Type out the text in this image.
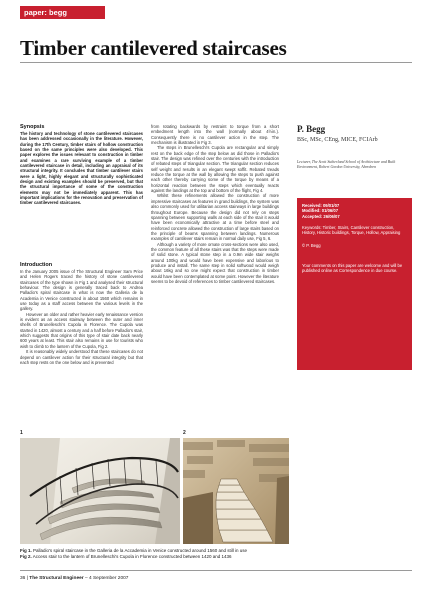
paper: begg
Timber cantilevered staircases
Synopsis
The history and technology of stone cantilevered staircases has been addressed occasionally in the literature. However, during the 17th Century, timber stairs of hollow construction based on the same principles were also developed. This paper explores the issues relevant to construction in timber and examines a rare surviving example of a timber cantilevered staircase in detail, including an appraisal of its structural integrity. It concludes that timber cantilever stairs were a light, highly elegant and structurally sophisticated design and existing examples should be preserved, but that the structural importance of some of the construction elements may not be immediately apparent. This has important implications for the renovation and preservation of timber cantilevered staircases.
Introduction

In the January 2005 issue of The Structural Engineer Sam Price and Helen Rogers traced the history of stone cantilevered staircases of the type shown in Fig 1 and analysed their structural behaviour. The design is generally traced back to Andrea Palladio's spiral staircase in what is now the Galleria de la Academia in Venice constructed in about 1560 which remains in use today as a staff access between the various levels in the gallery.

However an older and rather heavier early renaissance version is evident as an access stairway between the outer and inner shells of Brunelleschi's Cupola in Florence. The Cupola was started in 1420, almost a century and a half before Palladio's stair, which suggests that origins of this type of stair date back nearly 600 years at least. This stair also remains in use for tourists who wish to climb to the lantern of the Cupola, Fig 2.

It is reasonably widely understood that these staircases do not depend on cantilever action for their structural integrity but that each step rests on the one below and is prevented

from rotating backwards by restraint to torque from a short embedment length into the wall (normally about 4½in.). Consequently there is no cantilever action in the step. The mechanism is illustrated in Fig 3.

The steps in Brunelleschi's Cupola are rectangular and simply rest on the back edge of the step below as did those in Palladio's stair. The design was refined over the centuries with the introduction of rebated steps of triangular section. The triangular section reduces self weight and results in an elegant swept soffit. Rebated treads reduce the torque at the wall by allowing the steps to push against each other thereby carrying some of the torque by means of a horizontal reaction between the steps which eventually reacts against the landings at the top and bottom of the flight, Fig 4.

Whilst these refinements allowed the construction of more impressive staircases as features in grand buildings, the system was also commonly used for utilitarian access stairways in large buildings throughout Europe. Because the design did not rely on steps spanning between supporting walls at each side of the stair it would have been economically attractive at a time before steel and reinforced concrete allowed the construction of large stairs based on the principle of beams spanning between landings. Numerous examples of cantilever stairs remain in normal daily use, Fig 5, 6.

Although a variety of more ornate cross-sections were also used, the common feature of all these stairs was that the steps were made of solid stone. A typical stone step in a 0.9m wide stair weighs around 100kg and would have been expensive and laborious to produce and install. The same step in solid softwood would weigh about 16kg and so one might expect that construction in timber would have been contemplated at some point. However the literature seems to be devoid of references to timber cantilevered staircases.

P. Begg
BSc, MSc, CEng, MICE, FCIArb
Lecturer, The Scott Sutherland School of Architecture and Built Environment, Robert Gordon University, Aberdeen
Received: 09/01/07
Modified: 01/06/07
Accepted: 26/06/07
Keywords: Timber, Stairs, Cantilever construction, History, Historic buildings, Torque, Hollow, Appraising
© P. Begg
Your comments on this paper are welcome and will be published online as Correspondence in due course.
1	2
Fig 1. Palladio's spiral staircase in the Galleria de la Accademia in Venice constructed around 1560 and still in use
Fig 2. Access stair to the lantern of Brunelleschi's Cupola in Florence constructed between 1420 and 1436
36 | The Structural Engineer – 4 September 2007
